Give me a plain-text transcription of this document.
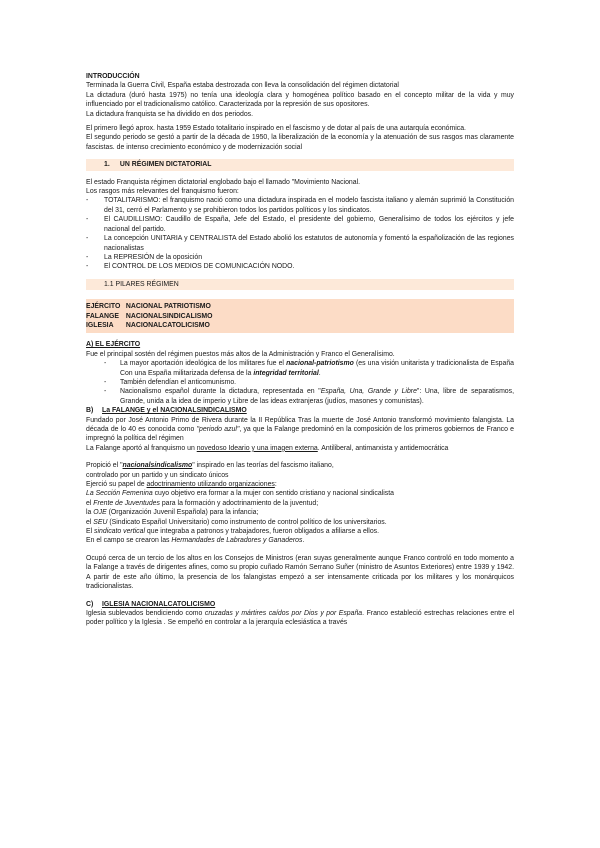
INTRODUCCIÓN

Terminada la Guerra Civil, España estaba destrozada con lleva la consolidación del régimen dictatorial

La dictadura (duró hasta 1975) no tenía una ideología clara y homogénea político basado en el concepto militar de la vida y muy influenciado por el tradicionalismo católico. Caracterizada por la represión de sus opositores.

La dictadura franquista se ha dividido en dos periodos.

El primero llegó aprox. hasta 1959 Estado totalitario inspirado en el fascismo y de dotar al país de una autarquía económica.

El segundo periodo se gestó a partir de la década de 1950, la liberalización de la economía y la atenuación de sus rasgos mas claramente fascistas. de intenso crecimiento económico y de modernización social

1. UN RÉGIMEN DICTATORIAL

El estado Franquista régimen dictatorial englobado bajo el llamado "Movimiento Nacional.

Los rasgos más relevantes del franquismo fueron:

- TOTALITARISMO: el franquismo nació como una dictadura inspirada en el modelo fascista italiano y alemán suprimió la Constitución del 31, cerró el Parlamento y se prohibieron todos los partidos políticos y los sindicatos.
- El CAUDILLISMO: Caudillo de España, Jefe del Estado, el presidente del gobierno, Generalísimo de todos los ejércitos y jefe nacional del partido.
- La concepción UNITARIA y CENTRALISTA del Estado abolió los estatutos de autonomía y fomentó la españolización de las regiones nacionalistas
- La REPRESIÓN de la oposición
- El CONTROL DE LOS MEDIOS DE COMUNICACIÓN NODO.
1.1 PILARES RÉGIMEN
EJÉRCITO NACIONAL PATRIOTISMO
FALANGE NACIONALSINDICALISMO
IGLESIA NACIONALCATOLICISMO

A) EL EJÉRCITO

Fue el principal sostén del régimen puestos más altos de la Administración y Franco el Generalísimo.

- La mayor aportación ideológica de los militares fue el nacional-patriotismo (es una visión unitarista y tradicionalista de España Con una España militarizada defensa de la integridad territorial.
- También defendían el anticomunismo.
- Nacionalismo español durante la dictadura, representada en "España, Una, Grande y Libre": Una, libre de separatismos, Grande, unida a la idea de imperio y Libre de las ideas extranjeras (judíos, masones y comunistas).

B) La FALANGE y el NACIONALSINDICALISMO

Fundado por José Antonio Primo de Rivera durante la II República Tras la muerte de José Antonio transformó movimiento falangista. La década de lo 40 es conocida como "periodo azul", ya que la Falange predominó en la composición de los primeros gobiernos de Franco e impregnó la política del régimen

La Falange aportó al franquismo un novedoso Ideario y una imagen externa. Antiliberal, antimarxista y antidemocrática

Propició el "nacionalsindicalismo" inspirado en las teorías del fascismo italiano,

controlado por un partido y un sindicato únicos

Ejerció su papel de adoctrinamiento utilizando organizaciones:

La Sección Femenina cuyo objetivo era formar a la mujer con sentido cristiano y nacional sindicalista

el Frente de Juventudes para la formación y adoctrinamiento de la juventud;

la OJE (Organización Juvenil Española) para la infancia;

el SEU (Sindicato Español Universitario) como instrumento de control político de los universitarios.

El sindicato vertical que integraba a patronos y trabajadores, fueron obligados a afiliarse a ellos.

En el campo se crearon las Hermandades de Labradores y Ganaderos.

Ocupó cerca de un tercio de los altos en los Consejos de Ministros (eran suyas generalmente aunque Franco controló en todo momento a la Falange a través de dirigentes afines, como su propio cuñado Ramón Serrano Suñer (ministro de Asuntos Exteriores) entre 1939 y 1942. A partir de este año último, la presencia de los falangistas empezó a ser intensamente criticada por los militares y los monárquicos tradicionalistas.

C) IGLESIA NACIONALCATOLICISMO

Iglesia sublevados bendiciendo como cruzadas y mártires caídos por Dios y por España. Franco estableció estrechas relaciones entre el poder político y la Iglesia . Se empeñó en controlar a la jerarquía eclesiástica a través
